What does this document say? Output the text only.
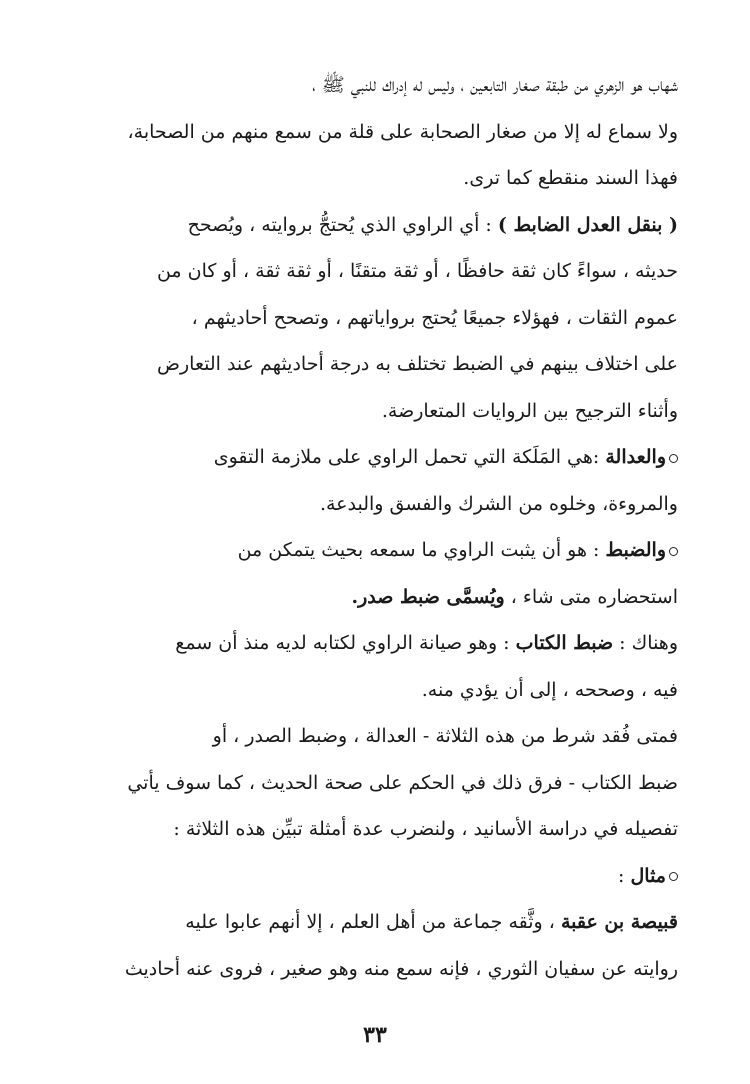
شهاب هو الزهري من طبقة صغار التابعين ، وليس له إدراك للنبي ﷺ ،
ولا سماع له إلا من صغار الصحابة على قلة من سمع منهم من الصحابة،
فهذا السند منقطع كما ترى.
( بنقل العدل الضابط ) : أي الراوي الذي يُحتجُّ بروايته ، ويُصحح
حديثه ، سواءً كان ثقة حافظًا ، أو ثقة متقنًا ، أو ثقة ثقة ، أو كان من
عموم الثقات ، فهؤلاء جميعًا يُحتج برواياتهم ، وتصحح أحاديثهم ،
على اختلاف بينهم في الضبط تختلف به درجة أحاديثهم عند التعارض
وأثناء الترجيح بين الروايات المتعارضة.
والعدالة :هي المَلَكة التي تحمل الراوي على ملازمة التقوى
والمروءة، وخلوه من الشرك والفسق والبدعة.
والضبط : هو أن يثبت الراوي ما سمعه بحيث يتمكن من
استحضاره متى شاء ، ويُسمَّى ضبط صدر.
وهناك : ضبط الكتاب : وهو صيانة الراوي لكتابه لديه منذ أن سمع
فيه ، وصححه ، إلى أن يؤدي منه.
فمتى فُقد شرط من هذه الثلاثة - العدالة ، وضبط الصدر ، أو
ضبط الكتاب - فرق ذلك في الحكم على صحة الحديث ، كما سوف يأتي
تفصيله في دراسة الأسانيد ، ولنضرب عدة أمثلة تبيِّن هذه الثلاثة :
مثال :
قبيصة بن عقبة ، وثَّقه جماعة من أهل العلم ، إلا أنهم عابوا عليه
روايته عن سفيان الثوري ، فإنه سمع منه وهو صغير ، فروى عنه أحاديث
٣٣
